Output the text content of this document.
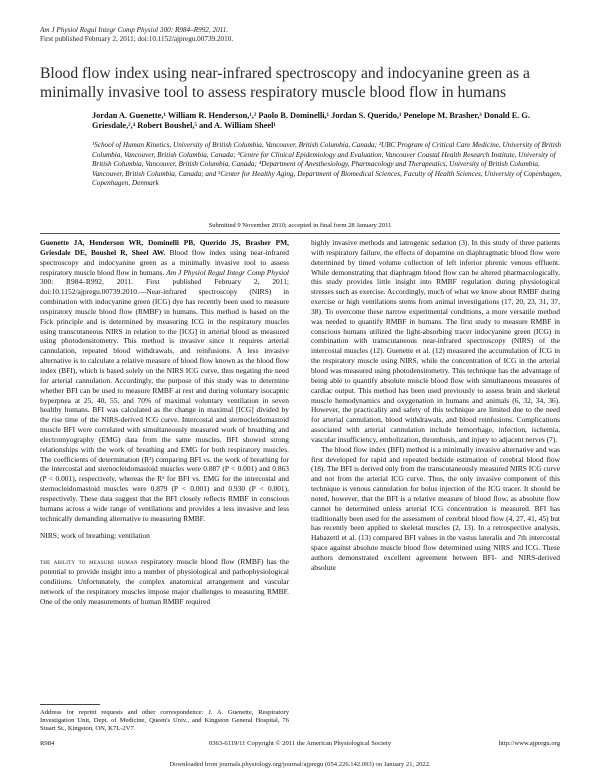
Am J Physiol Regul Integr Comp Physiol 300: R984–R992, 2011.
First published February 2, 2011; doi:10.1152/ajpregu.00739.2010.
Blood flow index using near-infrared spectroscopy and indocyanine green as a minimally invasive tool to assess respiratory muscle blood flow in humans
Jordan A. Guenette,¹ William R. Henderson,¹,² Paolo B. Dominelli,¹ Jordan S. Querido,¹ Penelope M. Brasher,³ Donald E. G. Griesdale,²,⁴ Robert Boushel,⁵ and A. William Sheel¹
¹School of Human Kinetics, University of British Columbia, Vancouver, British Columbia, Canada; ²UBC Program of Critical Care Medicine, University of British Columbia, Vancouver, British Columbia, Canada; ³Centre for Clinical Epidemiology and Evaluation, Vancouver Coastal Health Research Institute, University of British Columbia, Vancouver, British Columbia, Canada; ⁴Department of Anesthesiology, Pharmacology and Therapeutics, University of British Columbia, Vancouver, British Columbia, Canada; and ⁵Center for Healthy Aging, Department of Biomedical Sciences, Faculty of Health Sciences, University of Copenhagen, Copenhagen, Denmark
Submitted 9 November 2010; accepted in final form 28 January 2011

Guenette JA, Henderson WR, Dominelli PB, Querido JS, Brasher PM, Griesdale DE, Boushel R, Sheel AW. Blood flow index using near-infrared spectroscopy and indocyanine green as a minimally invasive tool to assess respiratory muscle blood flow in humans. Am J Physiol Regul Integr Comp Physiol 300: R984–R992, 2011. First published February 2, 2011; doi:10.1152/ajpregu.00739.2010.—Near-infrared spectroscopy (NIRS) in combination with indocyanine green (ICG) dye has recently been used to measure respiratory muscle blood flow (RMBF) in humans. This method is based on the Fick principle and is determined by measuring ICG in the respiratory muscles using transcutaneous NIRS in relation to the [ICG] in arterial blood as measured using photodensitometry. This method is invasive since it requires arterial cannulation, repeated blood withdrawals, and reinfusions. A less invasive alternative is to calculate a relative measure of blood flow known as the blood flow index (BFI), which is based solely on the NIRS ICG curve, thus negating the need for arterial cannulation. Accordingly, the purpose of this study was to determine whether BFI can be used to measure RMBF at rest and during voluntary isocapnic hyperpnea at 25, 40, 55, and 70% of maximal voluntary ventilation in seven healthy humans. BFI was calculated as the change in maximal [ICG] divided by the rise time of the NIRS-derived ICG curve. Intercostal and sternocleidomastoid muscle BFI were correlated with simultaneously measured work of breathing and electromyography (EMG) data from the same muscles. BFI showed strong relationships with the work of breathing and EMG for both respiratory muscles. The coefficients of determination (R²) comparing BFI vs. the work of breathing for the intercostal and sternocleidomastoid muscles were 0.887 (P < 0.001) and 0.863 (P < 0.001), respectively, whereas the R² for BFI vs. EMG for the intercostal and sternocleidomastoid muscles were 0.879 (P < 0.001) and 0.930 (P < 0.001), respectively. These data suggest that the BFI closely reflects RMBF in conscious humans across a wide range of ventilations and provides a less invasive and less technically demanding alternative to measuring RMBF.

NIRS; work of breathing; ventilation

the ability to measure human respiratory muscle blood flow (RMBF) has the potential to provide insight into a number of physiological and pathophysiological conditions. Unfortunately, the complex anatomical arrangement and vascular network of the respiratory muscles impose major challenges to measuring RMBF. One of the only measurements of human RMBF required

Address for reprint requests and other correspondence: J. A. Guenette, Respiratory Investigation Unit, Dept. of Medicine, Queen's Univ., and Kingston General Hospital, 76 Stuart St., Kingston, ON, K7L-2V7.

highly invasive methods and iatrogenic sedation (3). In this study of three patients with respiratory failure, the effects of dopamine on diaphragmatic blood flow were determined by timed volume collection of left inferior phrenic venous effluent. While demonstrating that diaphragm blood flow can be altered pharmacologically, this study provides little insight into RMBF regulation during physiological stresses such as exercise. Accordingly, much of what we know about RMBF during exercise or high ventilations stems from animal investigations (17, 20, 23, 31, 37, 38). To overcome these narrow experimental conditions, a more versatile method was needed to quantify RMBF in humans. The first study to measure RMBF in conscious humans utilized the light-absorbing tracer indocyanine green (ICG) in combination with transcutaneous near-infrared spectroscopy (NIRS) of the intercostal muscles (12). Guenette et al. (12) measured the accumulation of ICG in the respiratory muscle using NIRS, while the concentration of ICG in the arterial blood was measured using photodensitometry. This technique has the advantage of being able to quantify absolute muscle blood flow with simultaneous measures of cardiac output. This method has been used previously to assess brain and skeletal muscle hemodynamics and oxygenation in humans and animals (6, 32, 34, 36). However, the practicality and safety of this technique are limited due to the need for arterial cannulation, blood withdrawals, and blood reinfusions. Complications associated with arterial cannulation include hemorrhage, infection, ischemia, vascular insufficiency, embolization, thrombosis, and injury to adjacent nerves (7).

The blood flow index (BFI) method is a minimally invasive alternative and was first developed for rapid and repeated bedside estimation of cerebral blood flow (18). The BFI is derived only from the transcutaneously measured NIRS ICG curve and not from the arterial ICG curve. Thus, the only invasive component of this technique is venous cannulation for bolus injection of the ICG tracer. It should be noted, however, that the BFI is a relative measure of blood flow, as absolute flow cannot be determined unless arterial ICG concentration is measured. BFI has traditionally been used for the assessment of cerebral blood flow (4, 27, 41, 45) but has recently been applied to skeletal muscles (2, 13). In a retrospective analysis, Habazettl et al. (13) compared BFI values in the vastus lateralis and 7th intercostal space against absolute muscle blood flow determined using NIRS and ICG. These authors demonstrated excellent agreement between BFI- and NIRS-derived absolute

R984	0363-6119/11 Copyright © 2011 the American Physiological Society	http://www.ajpregu.org
Downloaded from journals.physiology.org/journal/ajpregu (054.226.142.093) on January 21, 2022.
